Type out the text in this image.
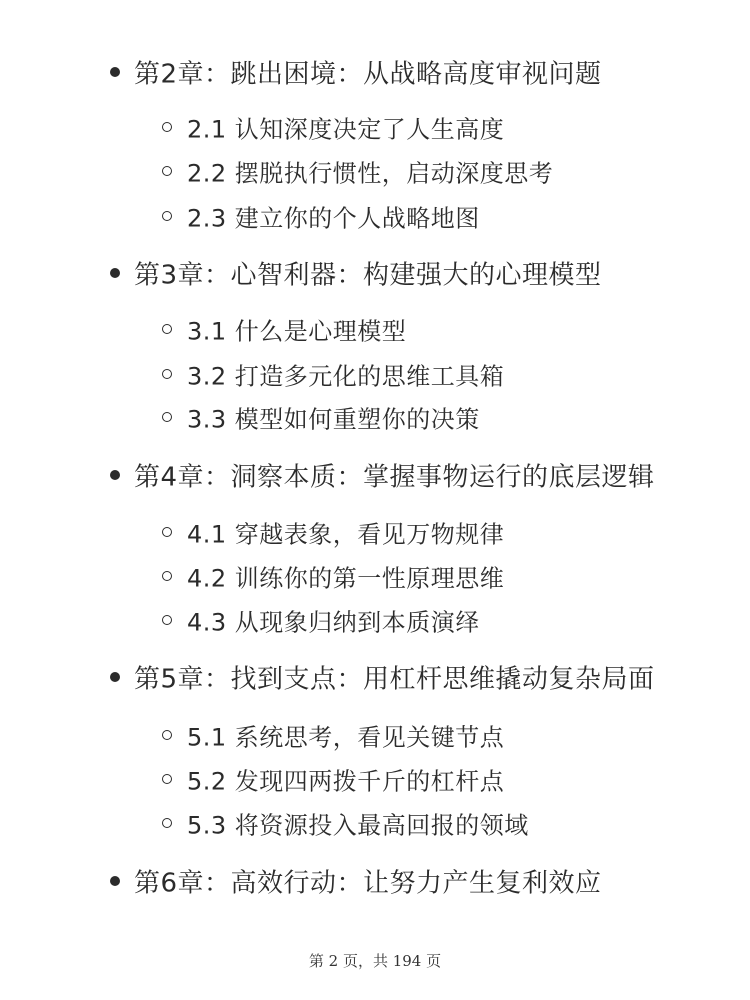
第2章：跳出困境：从战略高度审视问题
2.1 认知深度决定了人生高度
2.2 摆脱执行惯性，启动深度思考
2.3 建立你的个人战略地图
第3章：心智利器：构建强大的心理模型
3.1 什么是心理模型
3.2 打造多元化的思维工具箱
3.3 模型如何重塑你的决策
第4章：洞察本质：掌握事物运行的底层逻辑
4.1 穿越表象，看见万物规律
4.2 训练你的第一性原理思维
4.3 从现象归纳到本质演绎
第5章：找到支点：用杠杆思维撬动复杂局面
5.1 系统思考，看见关键节点
5.2 发现四两拨千斤的杠杆点
5.3 将资源投入最高回报的领域
第6章：高效行动：让努力产生复利效应
第 2 页，共 194 页
